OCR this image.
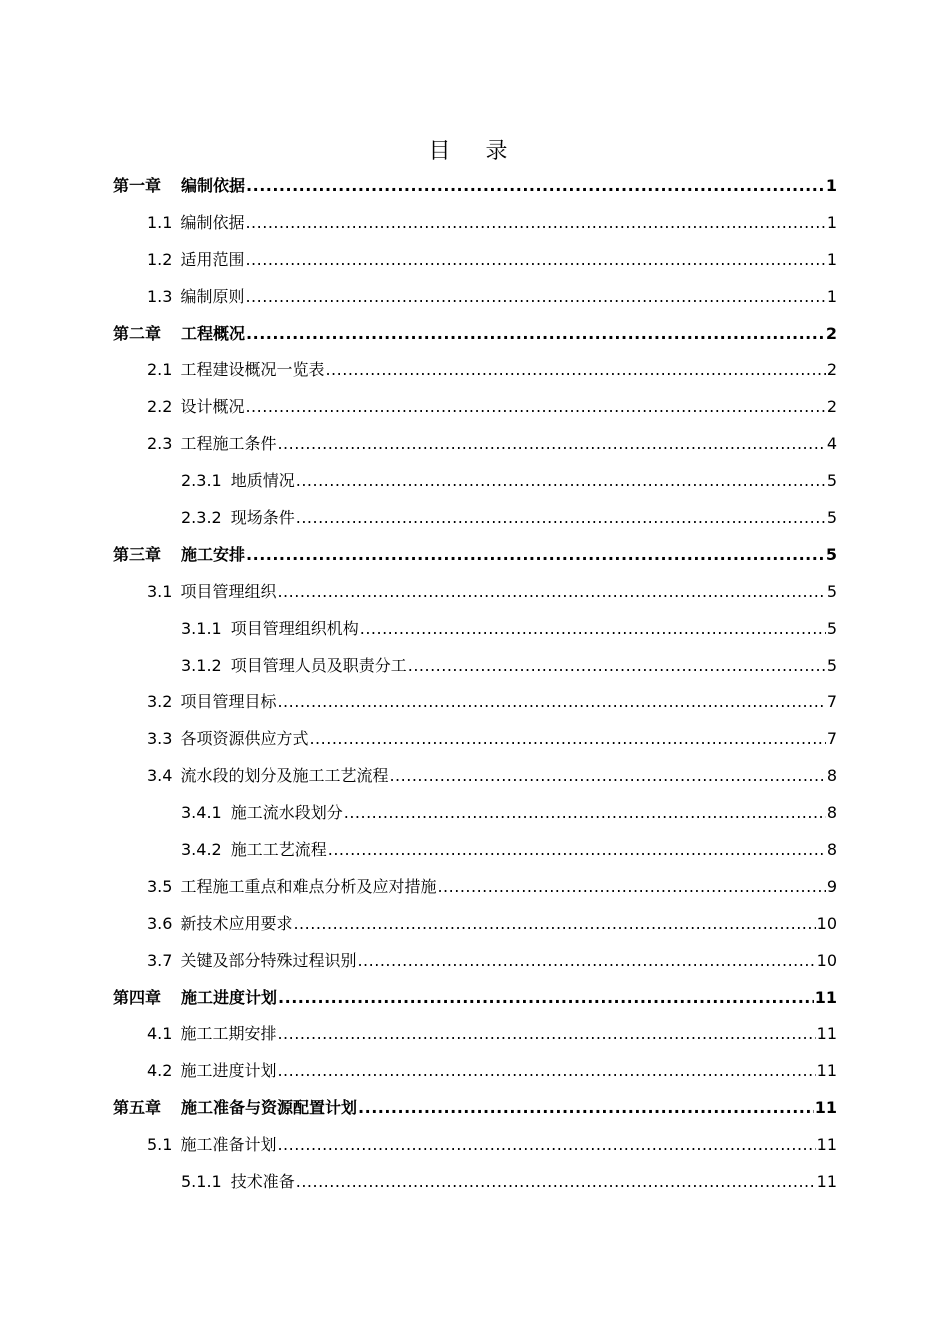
目 录
第一章 编制依据 .....	1
1.1 编制依据 .....	1
1.2 适用范围 .....	1
1.3 编制原则 .....	1
第二章 工程概况 .....	2
2.1 工程建设概况一览表 .....	2
2.2 设计概况 .....	2
2.3 工程施工条件 .....	4
2.3.1 地质情况 .....	5
2.3.2 现场条件 .....	5
第三章 施工安排 .....	5
3.1 项目管理组织 .....	5
3.1.1 项目管理组织机构 .....	5
3.1.2 项目管理人员及职责分工 .....	5
3.2 项目管理目标 .....	7
3.3 各项资源供应方式 .....	7
3.4 流水段的划分及施工工艺流程 .....	8
3.4.1 施工流水段划分 .....	8
3.4.2 施工工艺流程 .....	8
3.5 工程施工重点和难点分析及应对措施 .....	9
3.6 新技术应用要求 .....	10
3.7 关键及部分特殊过程识别 .....	10
第四章 施工进度计划 .....	11
4.1 施工工期安排 .....	11
4.2 施工进度计划 .....	11
第五章 施工准备与资源配置计划 .....	11
5.1 施工准备计划 .....	11
5.1.1 技术准备 .....	11
